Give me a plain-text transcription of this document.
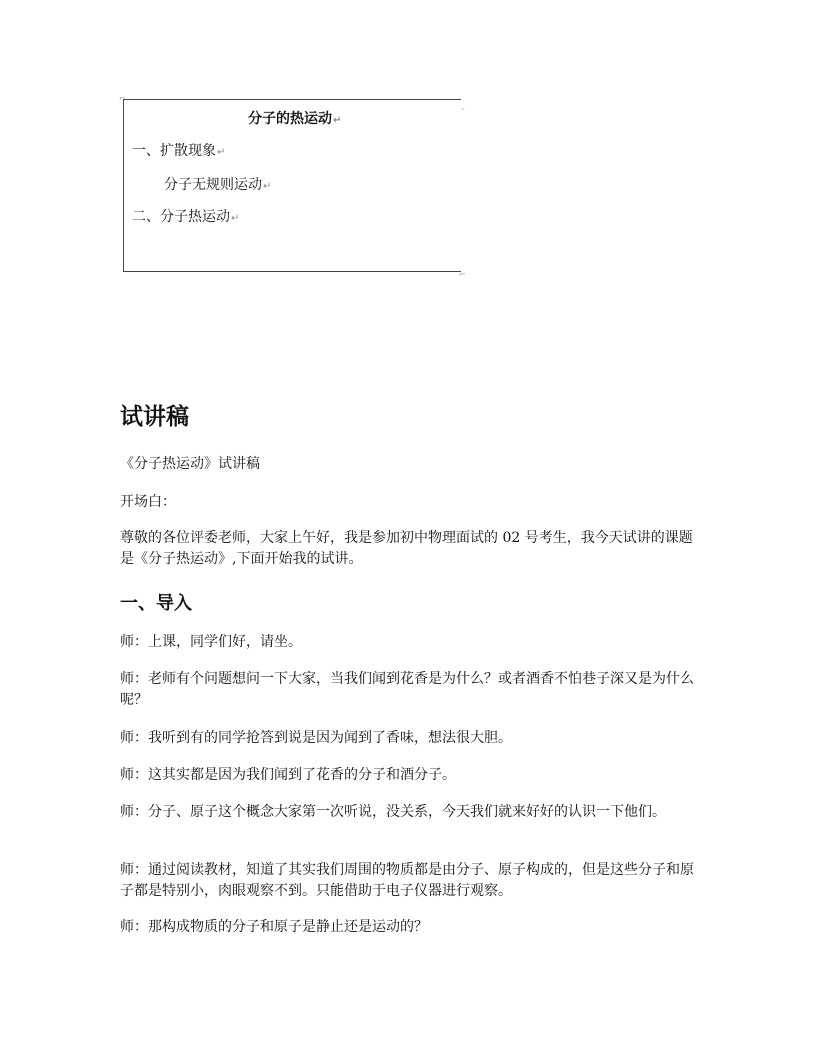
分子的热运动↵
一、扩散现象↵
分子无规则运动↵
二、分子热运动↵
⌐
˜
⌐
试讲稿
《分子热运动》试讲稿
开场白：
尊敬的各位评委老师，大家上午好，我是参加初中物理面试的 02 号考生，我今天试讲的课题是《分子热运动》,下面开始我的试讲。
一、导入
师：上课，同学们好，请坐。
师：老师有个问题想问一下大家，当我们闻到花香是为什么？或者酒香不怕巷子深又是为什么呢？
师：我听到有的同学抢答到说是因为闻到了香味，想法很大胆。
师：这其实都是因为我们闻到了花香的分子和酒分子。
师：分子、原子这个概念大家第一次听说，没关系，今天我们就来好好的认识一下他们。
师：通过阅读教材，知道了其实我们周围的物质都是由分子、原子构成的，但是这些分子和原子都是特别小，肉眼观察不到。只能借助于电子仪器进行观察。
师：那构成物质的分子和原子是静止还是运动的？
